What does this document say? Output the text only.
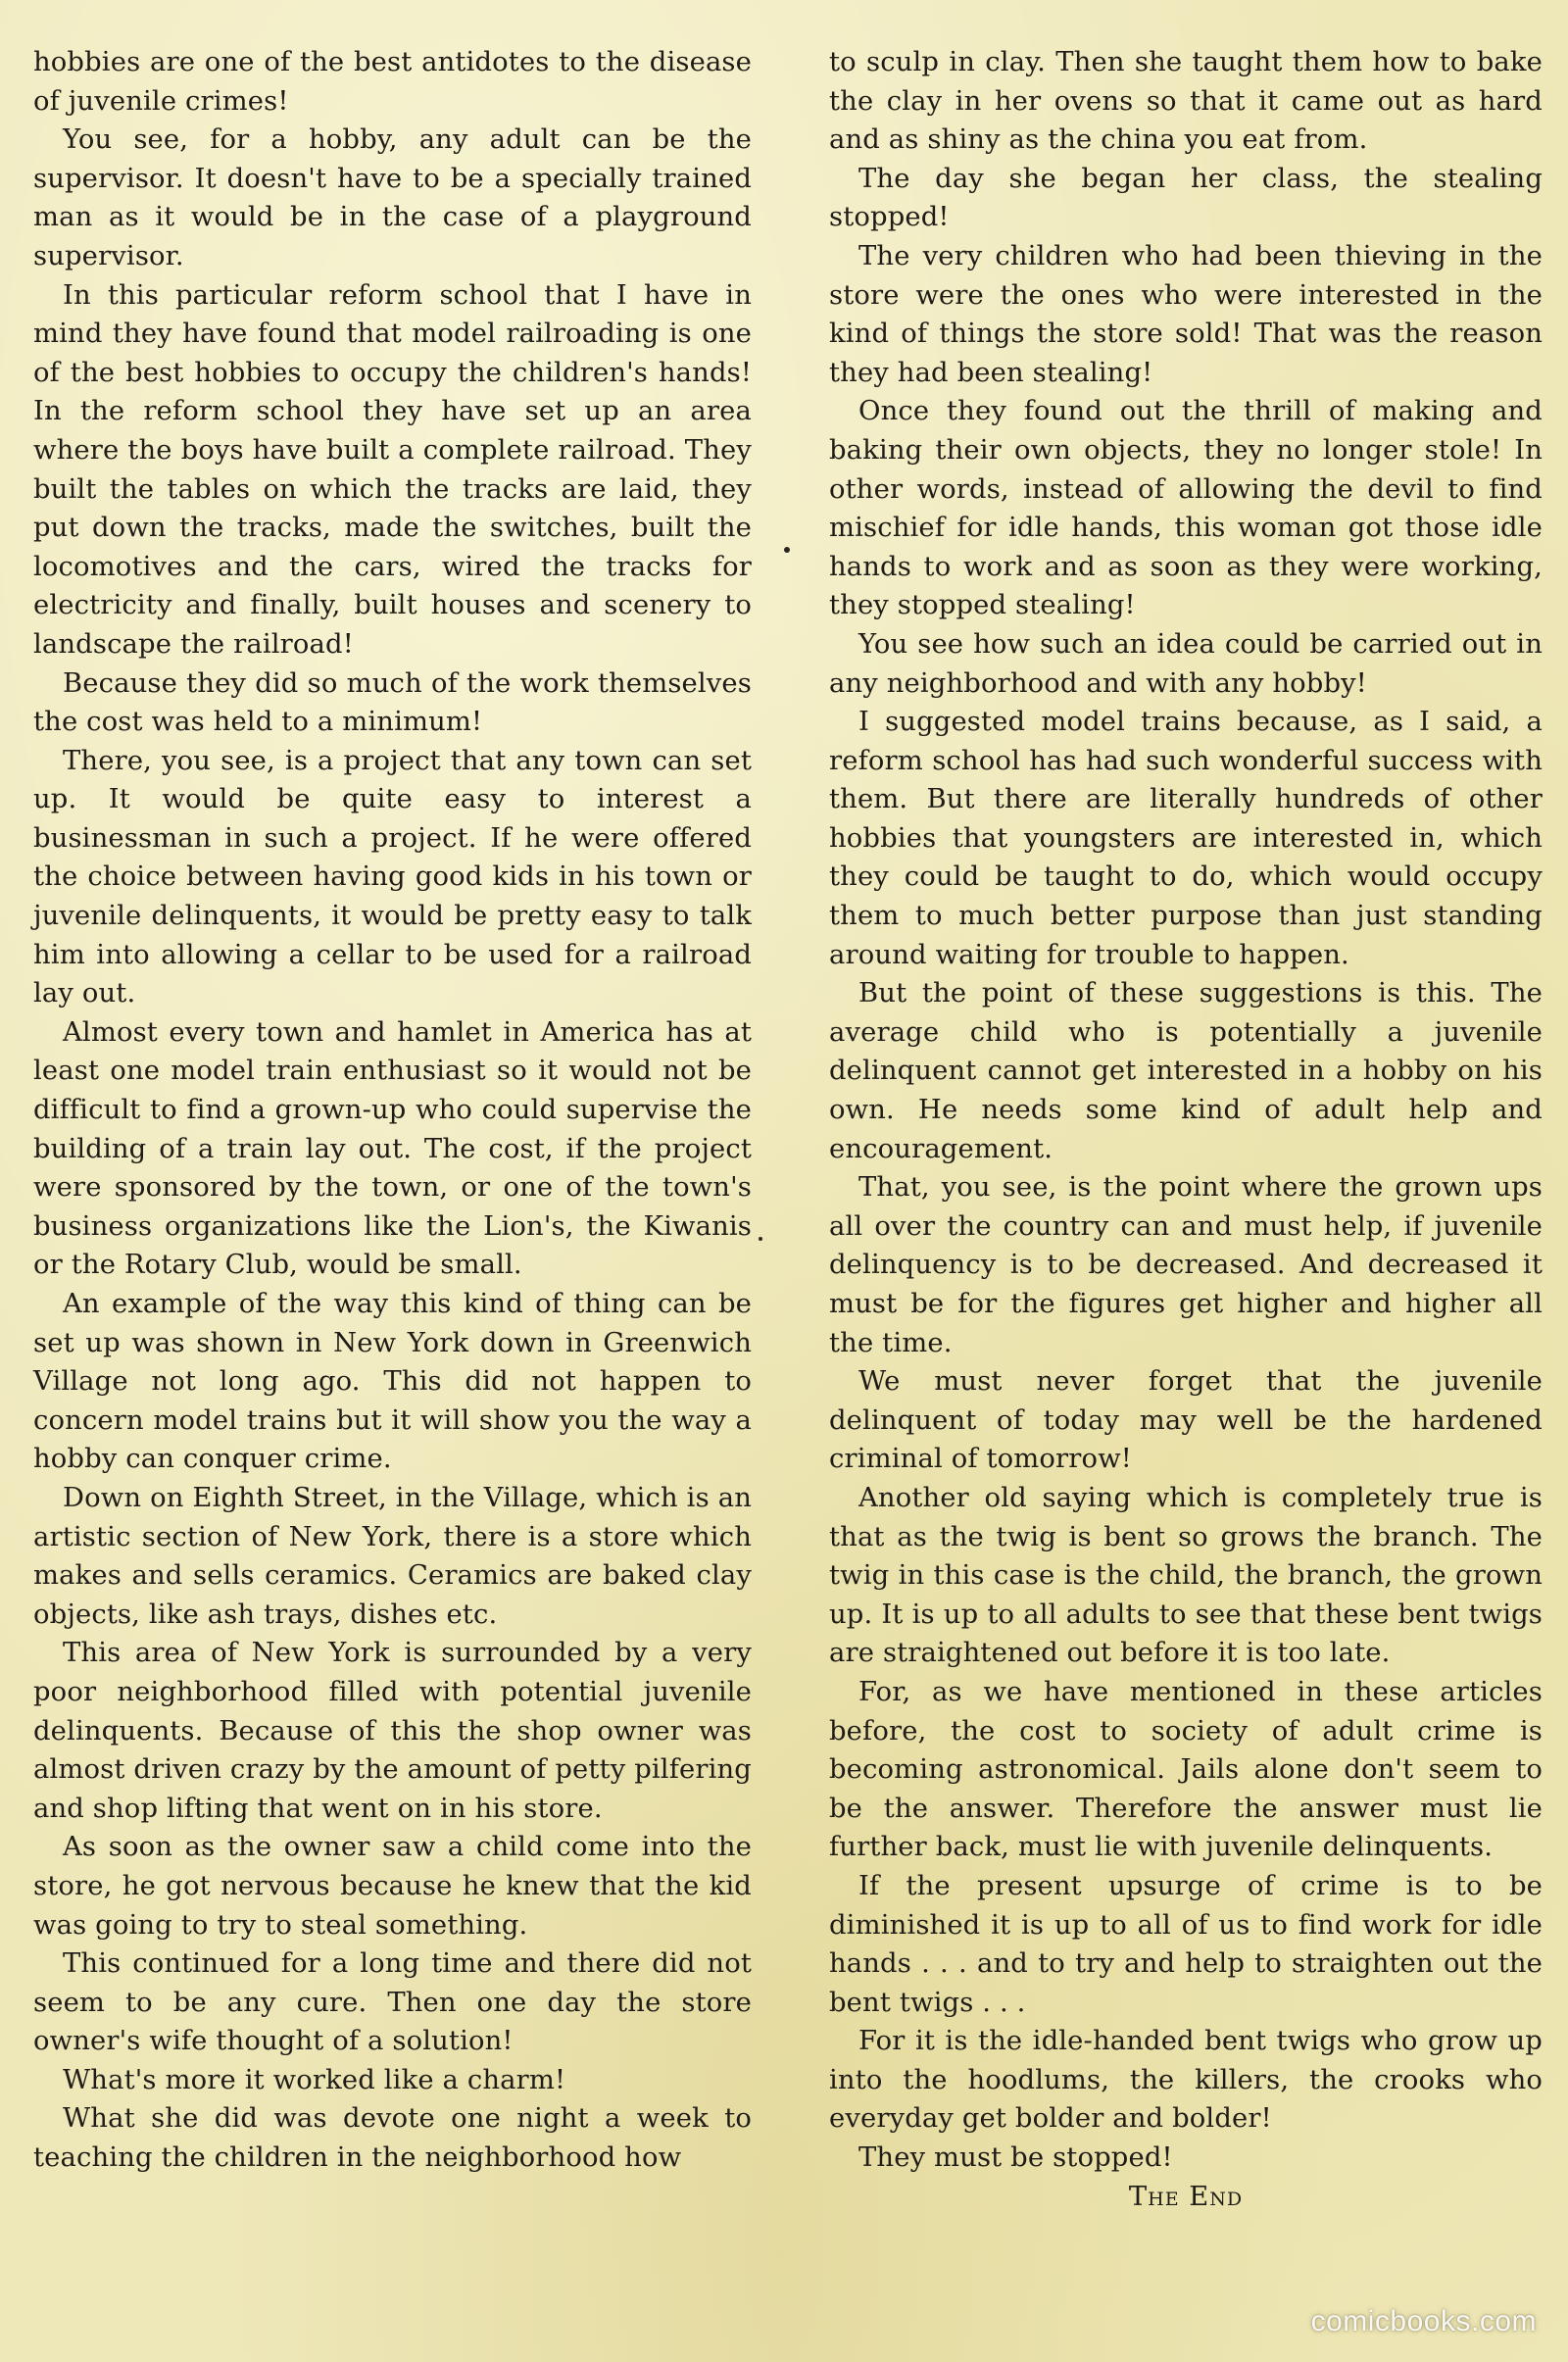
hobbies are one of the best antidotes to the disease of juvenile crimes!

You see, for a hobby, any adult can be the supervisor. It doesn't have to be a specially trained man as it would be in the case of a playground supervisor.

In this particular reform school that I have in mind they have found that model railroading is one of the best hobbies to occupy the children's hands! In the reform school they have set up an area where the boys have built a complete railroad. They built the tables on which the tracks are laid, they put down the tracks, made the switches, built the locomotives and the cars, wired the tracks for electricity and finally, built houses and scenery to landscape the railroad!

Because they did so much of the work themselves the cost was held to a minimum!

There, you see, is a project that any town can set up. It would be quite easy to interest a businessman in such a project. If he were offered the choice between having good kids in his town or juvenile delinquents, it would be pretty easy to talk him into allowing a cellar to be used for a railroad lay out.

Almost every town and hamlet in America has at least one model train enthusiast so it would not be difficult to find a grown-up who could supervise the building of a train lay out. The cost, if the project were sponsored by the town, or one of the town's business organizations like the Lion's, the Kiwanis or the Rotary Club, would be small.

An example of the way this kind of thing can be set up was shown in New York down in Greenwich Village not long ago. This did not happen to concern model trains but it will show you the way a hobby can conquer crime.

Down on Eighth Street, in the Village, which is an artistic section of New York, there is a store which makes and sells ceramics. Ceramics are baked clay objects, like ash trays, dishes etc.

This area of New York is surrounded by a very poor neighborhood filled with potential juvenile delinquents. Because of this the shop owner was almost driven crazy by the amount of petty pilfering and shop lifting that went on in his store.

As soon as the owner saw a child come into the store, he got nervous because he knew that the kid was going to try to steal something.

This continued for a long time and there did not seem to be any cure. Then one day the store owner's wife thought of a solution!

What's more it worked like a charm!

What she did was devote one night a week to teaching the children in the neighborhood how

to sculp in clay. Then she taught them how to bake the clay in her ovens so that it came out as hard and as shiny as the china you eat from.

The day she began her class, the stealing stopped!

The very children who had been thieving in the store were the ones who were interested in the kind of things the store sold! That was the reason they had been stealing!

Once they found out the thrill of making and baking their own objects, they no longer stole! In other words, instead of allowing the devil to find mischief for idle hands, this woman got those idle hands to work and as soon as they were working, they stopped stealing!

You see how such an idea could be carried out in any neighborhood and with any hobby!

I suggested model trains because, as I said, a reform school has had such wonderful success with them. But there are literally hundreds of other hobbies that youngsters are interested in, which they could be taught to do, which would occupy them to much better purpose than just standing around waiting for trouble to happen.

But the point of these suggestions is this. The average child who is potentially a juvenile delinquent cannot get interested in a hobby on his own. He needs some kind of adult help and encouragement.

That, you see, is the point where the grown ups all over the country can and must help, if juvenile delinquency is to be decreased. And decreased it must be for the figures get higher and higher all the time.

We must never forget that the juvenile delinquent of today may well be the hardened criminal of tomorrow!

Another old saying which is completely true is that as the twig is bent so grows the branch. The twig in this case is the child, the branch, the grown up. It is up to all adults to see that these bent twigs are straightened out before it is too late.

For, as we have mentioned in these articles before, the cost to society of adult crime is becoming astronomical. Jails alone don't seem to be the answer. Therefore the answer must lie further back, must lie with juvenile delinquents.

If the present upsurge of crime is to be diminished it is up to all of us to find work for idle hands . . . and to try and help to straighten out the bent twigs . . .

For it is the idle-handed bent twigs who grow up into the hoodlums, the killers, the crooks who everyday get bolder and bolder!

They must be stopped!

The End

comicbooks.com
